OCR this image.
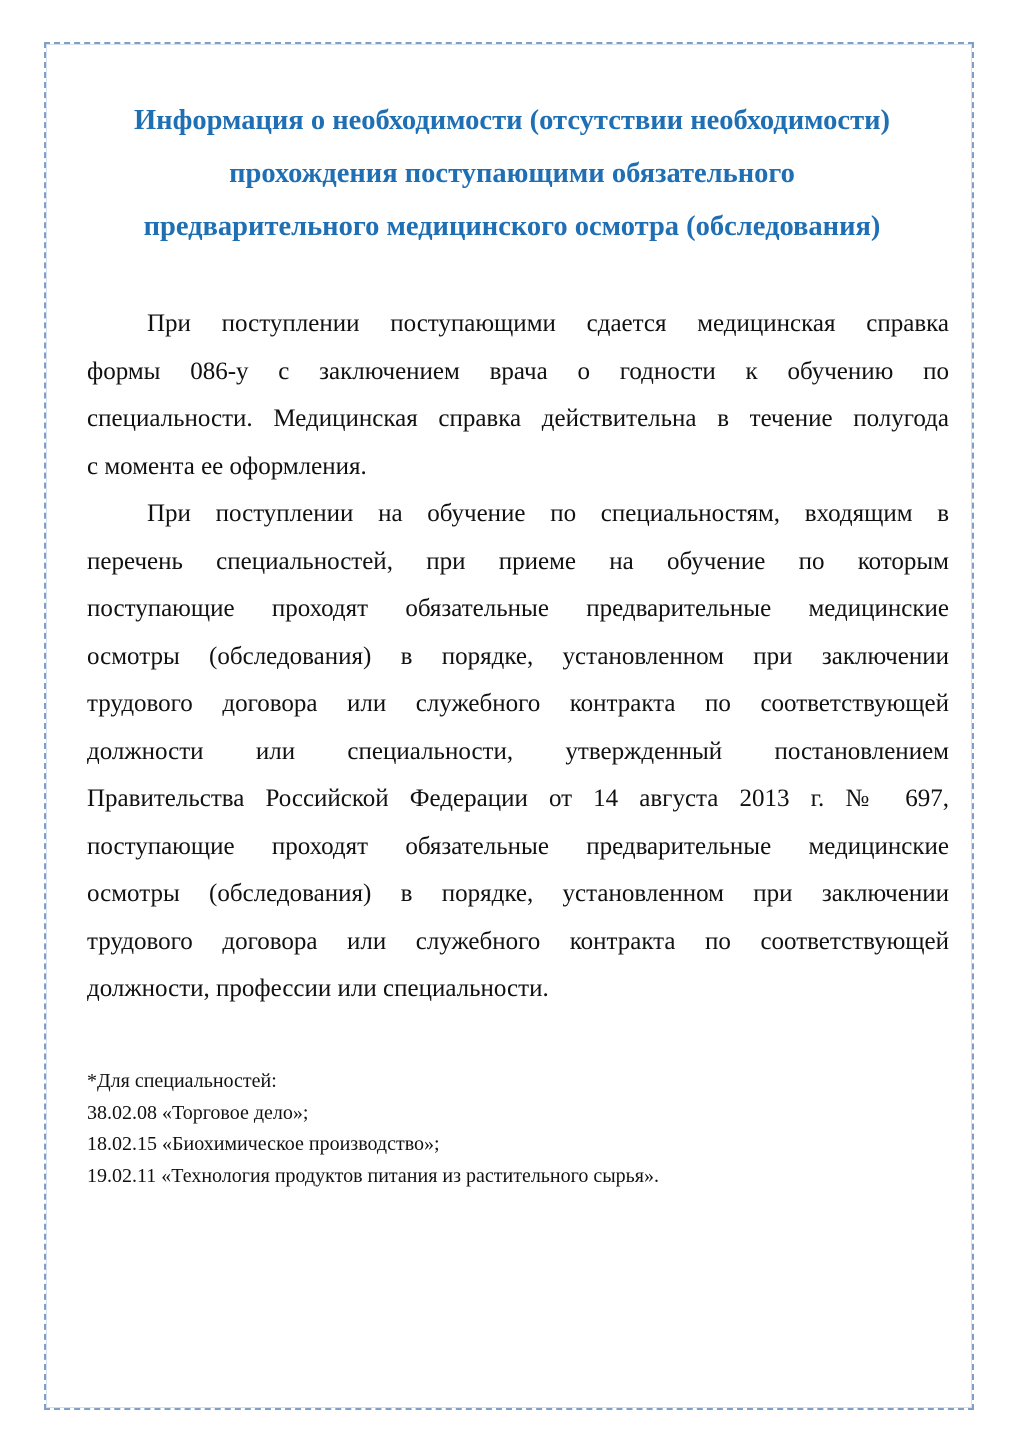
Информация о необходимости (отсутствии необходимости)
прохождения поступающими обязательного
предварительного медицинского осмотра (обследования)
При поступлении поступающими сдается медицинская справка
формы 086-у с заключением врача о годности к обучению по
специальности. Медицинская справка действительна в течение полугода
с момента ее оформления.
При поступлении на обучение по специальностям, входящим в
перечень специальностей, при приеме на обучение по которым
поступающие проходят обязательные предварительные медицинские
осмотры (обследования) в порядке, установленном при заключении
трудового договора или служебного контракта по соответствующей
должности или специальности, утвержденный постановлением
Правительства Российской Федерации от 14 августа 2013 г. № 697,
поступающие проходят обязательные предварительные медицинские
осмотры (обследования) в порядке, установленном при заключении
трудового договора или служебного контракта по соответствующей
должности, профессии или специальности.
*Для специальностей:
38.02.08 «Торговое дело»;
18.02.15 «Биохимическое производство»;
19.02.11 «Технология продуктов питания из растительного сырья».
